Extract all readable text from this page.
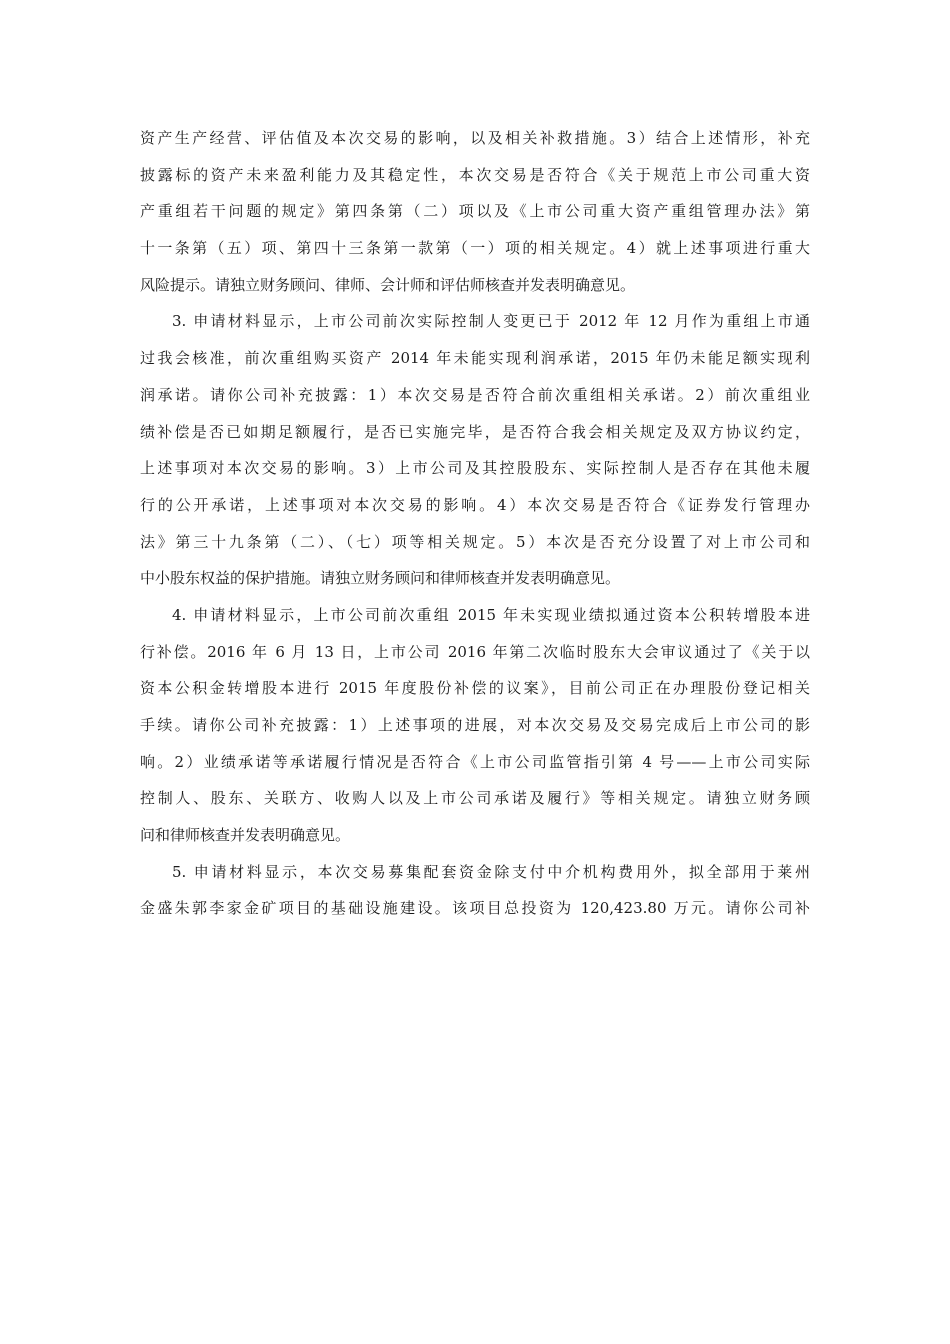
资产生产经营、评估值及本次交易的影响，以及相关补救措施。3）结合上述情形，补充
披露标的资产未来盈利能力及其稳定性，本次交易是否符合《关于规范上市公司重大资
产重组若干问题的规定》第四条第（二）项以及《上市公司重大资产重组管理办法》第
十一条第（五）项、第四十三条第一款第（一）项的相关规定。4）就上述事项进行重大
风险提示。请独立财务顾问、律师、会计师和评估师核查并发表明确意见。
3. 申请材料显示，上市公司前次实际控制人变更已于 2012 年 12 月作为重组上市通
过我会核准，前次重组购买资产 2014 年未能实现利润承诺，2015 年仍未能足额实现利
润承诺。请你公司补充披露：1）本次交易是否符合前次重组相关承诺。2）前次重组业
绩补偿是否已如期足额履行，是否已实施完毕，是否符合我会相关规定及双方协议约定，
上述事项对本次交易的影响。3）上市公司及其控股股东、实际控制人是否存在其他未履
行的公开承诺，上述事项对本次交易的影响。4）本次交易是否符合《证券发行管理办
法》第三十九条第（二）、（七）项等相关规定。5）本次是否充分设置了对上市公司和
中小股东权益的保护措施。请独立财务顾问和律师核查并发表明确意见。
4. 申请材料显示，上市公司前次重组 2015 年未实现业绩拟通过资本公积转增股本进
行补偿。2016 年 6 月 13 日，上市公司 2016 年第二次临时股东大会审议通过了《关于以
资本公积金转增股本进行 2015 年度股份补偿的议案》，目前公司正在办理股份登记相关
手续。请你公司补充披露：1）上述事项的进展，对本次交易及交易完成后上市公司的影
响。2）业绩承诺等承诺履行情况是否符合《上市公司监管指引第 4 号——上市公司实际
控制人、股东、关联方、收购人以及上市公司承诺及履行》等相关规定。请独立财务顾
问和律师核查并发表明确意见。
5. 申请材料显示，本次交易募集配套资金除支付中介机构费用外，拟全部用于莱州
金盛朱郭李家金矿项目的基础设施建设。该项目总投资为 120,423.80 万元。请你公司补
